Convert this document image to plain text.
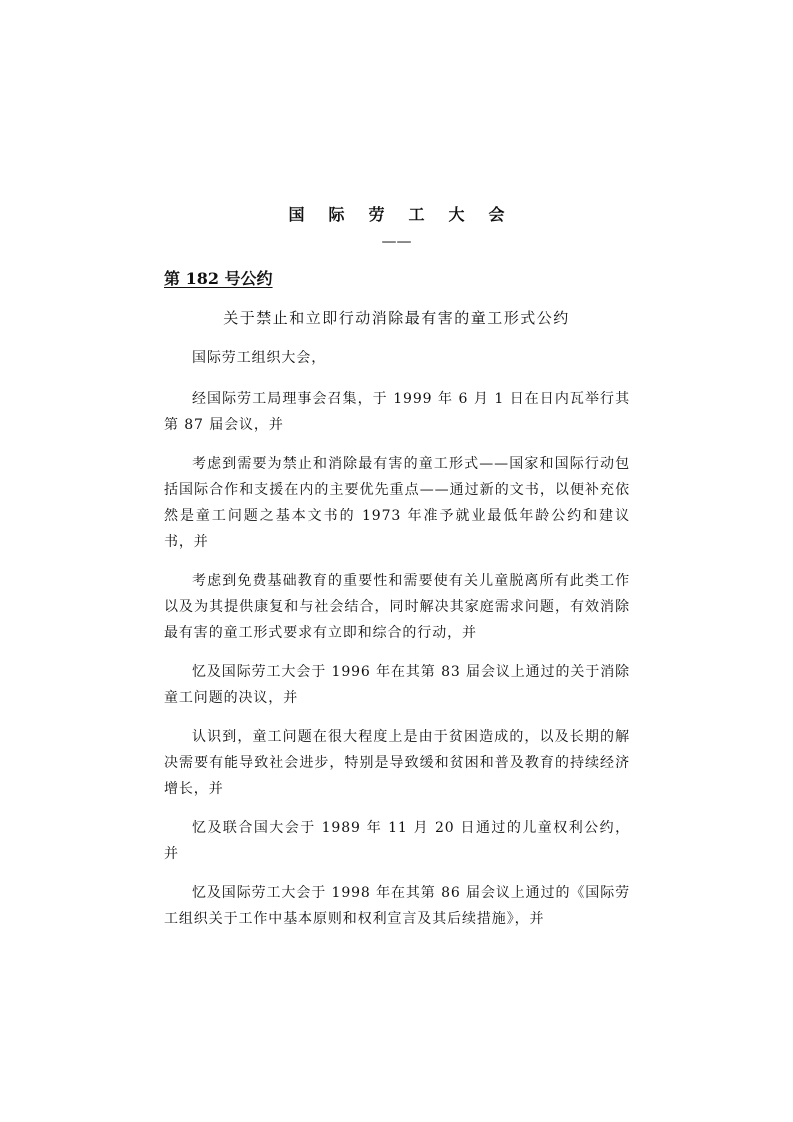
国际劳工大会
——
第 182 号公约
关于禁止和立即行动消除最有害的童工形式公约

国际劳工组织大会，

经国际劳工局理事会召集，于 1999 年 6 月 1 日在日内瓦举行其第 87 届会议，并

考虑到需要为禁止和消除最有害的童工形式——国家和国际行动包括国际合作和支援在内的主要优先重点——通过新的文书，以便补充依然是童工问题之基本文书的 1973 年准予就业最低年龄公约和建议书，并

考虑到免费基础教育的重要性和需要使有关儿童脱离所有此类工作以及为其提供康复和与社会结合，同时解决其家庭需求问题，有效消除最有害的童工形式要求有立即和综合的行动，并

忆及国际劳工大会于 1996 年在其第 83 届会议上通过的关于消除童工问题的决议，并

认识到，童工问题在很大程度上是由于贫困造成的，以及长期的解决需要有能导致社会进步，特别是导致缓和贫困和普及教育的持续经济增长，并

忆及联合国大会于 1989 年 11 月 20 日通过的儿童权利公约，并

忆及国际劳工大会于 1998 年在其第 86 届会议上通过的《国际劳工组织关于工作中基本原则和权利宣言及其后续措施》，并
